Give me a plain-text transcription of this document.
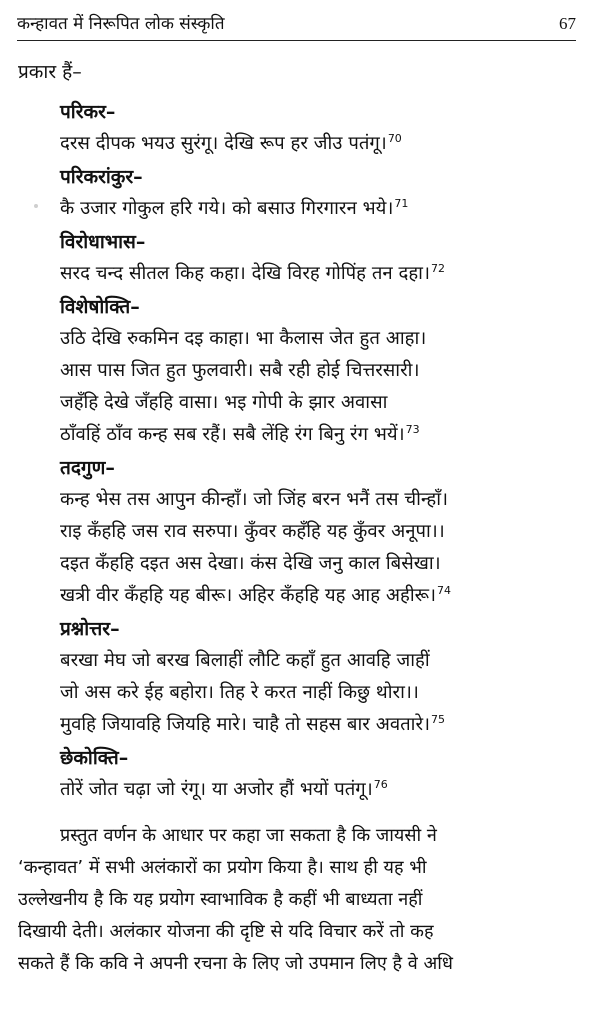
कन्हावत में निरूपित लोक संस्कृति	67
प्रकार हैं–
परिकर–
दरस दीपक भयउ सुरंगू। देखि रूप हर जीउ पतंगू।$^{70}$
परिकरांकुर–
कै उजार गोकुल हरि गये। को बसाउ गिरगारन भये।$^{71}$
विरोधाभास–
सरद चन्द सीतल किह कहा। देखि विरह गोपिंह तन दहा।$^{72}$
विशेषोक्ति–
उठि देखि रुकमिन दइ काहा। भा कैलास जेत हुत आहा।
आस पास जित हुत फुलवारी। सबै रही होई चित्तरसारी।
जहँहि देखे जँहहि वासा। भइ गोपी के झार अवासा
ठाँवहिं ठाँव कन्ह सब रहैं। सबै लेंहि रंग बिनु रंग भयें।$^{73}$
तदगुण–
कन्ह भेस तस आपुन कीन्हाँ। जो जिंह बरन भनैं तस चीन्हाँ।
राइ कँहहि जस राव सरुपा। कुँवर कहँहि यह कुँवर अनूपा।।
दइत कँहहि दइत अस देखा। कंस देखि जनु काल बिसेखा।
खत्री वीर कँहहि यह बीरू। अहिर कँहहि यह आह अहीरू।$^{74}$
प्रश्नोत्तर–
बरखा मेघ जो बरख बिलाहीं लौटि कहाँ हुत आवहि जाहीं
जो अस करे ईह बहोरा। तिह रे करत नाहीं किछु थोरा।।
मुवहि जियावहि जियहि मारे। चाहै तो सहस बार अवतारे।$^{75}$
छेकोक्ति–
तोरें जोत चढ़ा जो रंगू। या अजोर हौं भयों पतंगू।$^{76}$
प्रस्तुत वर्णन के आधार पर कहा जा सकता है कि जायसी ने
‘कन्हावत’ में सभी अलंकारों का प्रयोग किया है। साथ ही यह भी
उल्लेखनीय है कि यह प्रयोग स्वाभाविक है कहीं भी बाध्यता नहीं
दिखायी देती। अलंकार योजना की दृष्टि से यदि विचार करें तो कह
सकते हैं कि कवि ने अपनी रचना के लिए जो उपमान लिए है वे अधि
